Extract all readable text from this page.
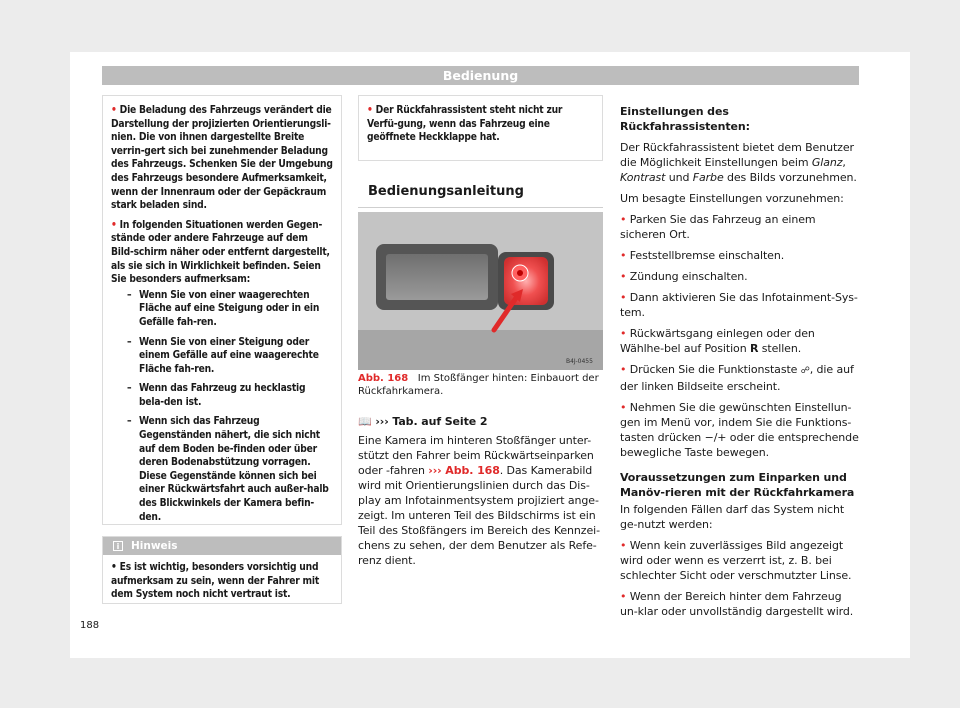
Bedienung
• Die Beladung des Fahrzeugs verändert die Darstellung der projizierten Orientierungsli-nien. Die von ihnen dargestellte Breite verrin-gert sich bei zunehmender Beladung des Fahrzeugs. Schenken Sie der Umgebung des Fahrzeugs besondere Aufmerksamkeit, wenn der Innenraum oder der Gepäckraum stark beladen sind.
• In folgenden Situationen werden Gegen-stände oder andere Fahrzeuge auf dem Bild-schirm näher oder entfernt dargestellt, als sie sich in Wirklichkeit befinden. Seien Sie besonders aufmerksam:
– Wenn Sie von einer waagerechten Fläche auf eine Steigung oder in ein Gefälle fah-ren.
– Wenn Sie von einer Steigung oder einem Gefälle auf eine waagerechte Fläche fah-ren.
– Wenn das Fahrzeug zu hecklastig bela-den ist.
– Wenn sich das Fahrzeug Gegenständen nähert, die sich nicht auf dem Boden be-finden oder über deren Bodenabstützung vorragen. Diese Gegenstände können sich bei einer Rückwärtsfahrt auch außer-halb des Blickwinkels der Kamera befin-den.
i Hinweis
• Es ist wichtig, besonders vorsichtig und aufmerksam zu sein, wenn der Fahrer mit dem System noch nicht vertraut ist.
• Der Rückfahrassistent steht nicht zur Verfü-gung, wenn das Fahrzeug eine geöffnete Heckklappe hat.
Bedienungsanleitung
B4J-0455
Abb. 168 Im Stoßfänger hinten: Einbauort der Rückfahrkamera.
📖 ››› Tab. auf Seite 2
Eine Kamera im hinteren Stoßfänger unter-stützt den Fahrer beim Rückwärtseinparken oder -fahren ››› Abb. 168. Das Kamerabild wird mit Orientierungslinien durch das Dis-play am Infotainmentsystem projiziert ange-zeigt. Im unteren Teil des Bildschirms ist ein Teil des Stoßfängers im Bereich des Kennzei-chens zu sehen, der dem Benutzer als Refe-renz dient.
Einstellungen des Rückfahrassistenten:
Der Rückfahrassistent bietet dem Benutzer die Möglichkeit Einstellungen beim Glanz, Kontrast und Farbe des Bilds vorzunehmen.
Um besagte Einstellungen vorzunehmen:
• Parken Sie das Fahrzeug an einem sicheren Ort.
• Feststellbremse einschalten.
• Zündung einschalten.
• Dann aktivieren Sie das Infotainment-Sys-tem.
• Rückwärtsgang einlegen oder den Wählhe-bel auf Position R stellen.
• Drücken Sie die Funktionstaste ☍, die auf der linken Bildseite erscheint.
• Nehmen Sie die gewünschten Einstellun-gen im Menü vor, indem Sie die Funktions-tasten drücken −/+ oder die entsprechende bewegliche Taste bewegen.
Voraussetzungen zum Einparken und Manöv-rieren mit der Rückfahrkamera
In folgenden Fällen darf das System nicht ge-nutzt werden:
• Wenn kein zuverlässiges Bild angezeigt wird oder wenn es verzerrt ist, z. B. bei schlechter Sicht oder verschmutzter Linse.
• Wenn der Bereich hinter dem Fahrzeug un-klar oder unvollständig dargestellt wird.
188
